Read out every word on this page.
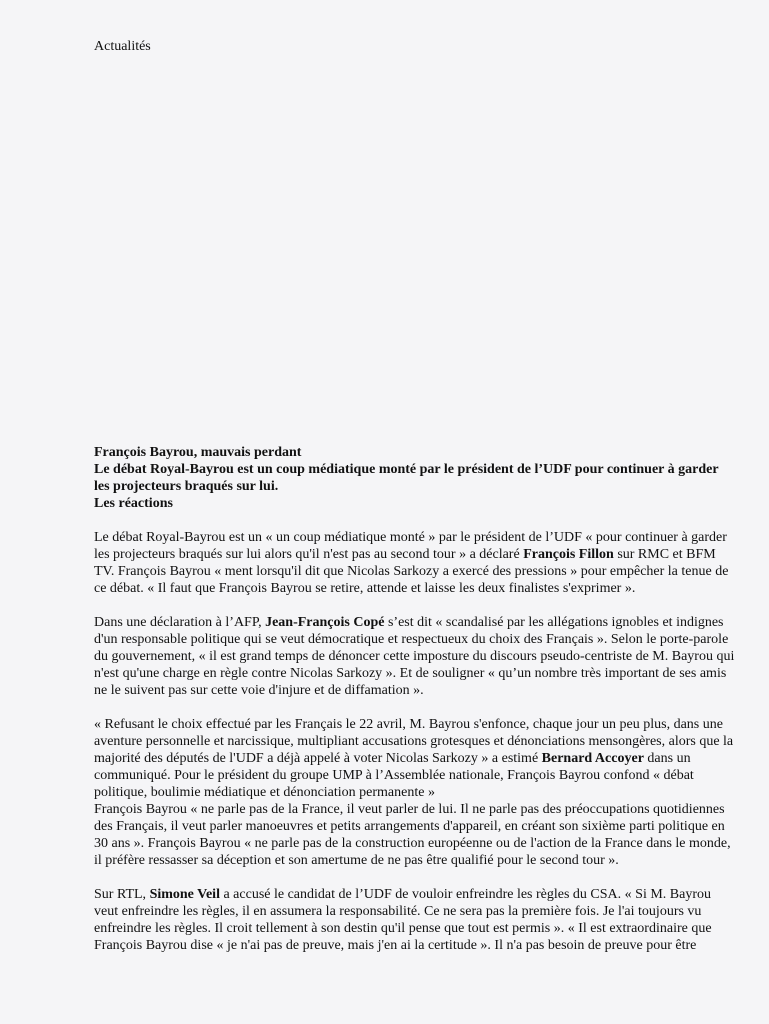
Actualités
François Bayrou, mauvais perdant
Le débat Royal-Bayrou est un coup médiatique monté par le président de l’UDF pour continuer à garder les projecteurs braqués sur lui.
Les réactions

Le débat Royal-Bayrou est un « un coup médiatique monté » par le président de l’UDF « pour continuer à garder les projecteurs braqués sur lui alors qu'il n'est pas au second tour » a déclaré François Fillon sur RMC et BFM TV. François Bayrou « ment lorsqu'il dit que Nicolas Sarkozy a exercé des pressions » pour empêcher la tenue de ce débat. « Il faut que François Bayrou se retire, attende et laisse les deux finalistes s'exprimer ».

Dans une déclaration à l’AFP, Jean-François Copé s’est dit « scandalisé par les allégations ignobles et indignes d'un responsable politique qui se veut démocratique et respectueux du choix des Français ». Selon le porte-parole du gouvernement, « il est grand temps de dénoncer cette imposture du discours pseudo-centriste de M. Bayrou qui n'est qu'une charge en règle contre Nicolas Sarkozy ». Et de souligner « qu’un nombre très important de ses amis ne le suivent pas sur cette voie d'injure et de diffamation ».

« Refusant le choix effectué par les Français le 22 avril, M. Bayrou s'enfonce, chaque jour un peu plus, dans une aventure personnelle et narcissique, multipliant accusations grotesques et dénonciations mensongères, alors que la majorité des députés de l'UDF a déjà appelé à voter Nicolas Sarkozy » a estimé Bernard Accoyer dans un communiqué. Pour le président du groupe UMP à l’Assemblée nationale, François Bayrou confond « débat politique, boulimie médiatique et dénonciation permanente »

François Bayrou « ne parle pas de la France, il veut parler de lui. Il ne parle pas des préoccupations quotidiennes des Français, il veut parler manoeuvres et petits arrangements d'appareil, en créant son sixième parti politique en 30 ans ». François Bayrou « ne parle pas de la construction européenne ou de l'action de la France dans le monde, il préfère ressasser sa déception et son amertume de ne pas être qualifié pour le second tour ».

Sur RTL, Simone Veil a accusé le candidat de l’UDF de vouloir enfreindre les règles du CSA. « Si M. Bayrou veut enfreindre les règles, il en assumera la responsabilité. Ce ne sera pas la première fois. Je l'ai toujours vu enfreindre les règles. Il croit tellement à son destin qu'il pense que tout est permis ». « Il est extraordinaire que François Bayrou dise « je n'ai pas de preuve, mais j'en ai la certitude ». Il n'a pas besoin de preuve pour être
